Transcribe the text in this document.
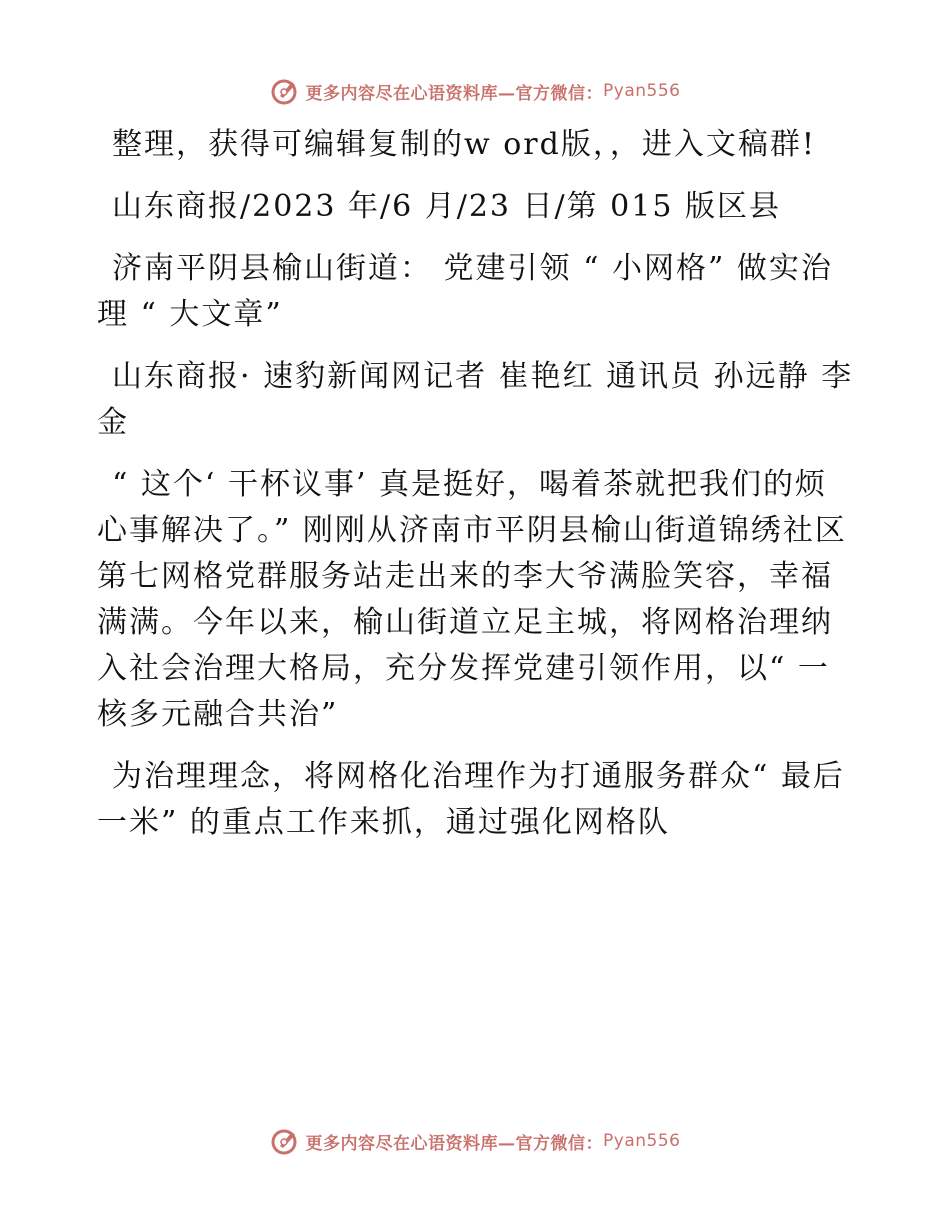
更多内容尽在心语资料库—官方微信： Pyan556

整理，获得可编辑复制的w ord版，，进入文稿群!

山东商报/2023 年/6 月/23 日/第 015 版区县

济南平阴县榆山街道： 党建引领 “ 小网格” 做实治理 “ 大文章”

山东商报· 速豹新闻网记者 崔艳红 通讯员 孙远静 李金

“ 这个‘ 干杯议事’ 真是挺好，喝着茶就把我们的烦心事解决了。” 刚刚从济南市平阴县榆山街道锦绣社区第七网格党群服务站走出来的李大爷满脸笑容，幸福满满。今年以来，榆山街道立足主城，将网格治理纳入社会治理大格局，充分发挥党建引领作用，以“ 一核多元融合共治”

为治理理念，将网格化治理作为打通服务群众“ 最后一米” 的重点工作来抓，通过强化网格队

更多内容尽在心语资料库—官方微信： Pyan556
